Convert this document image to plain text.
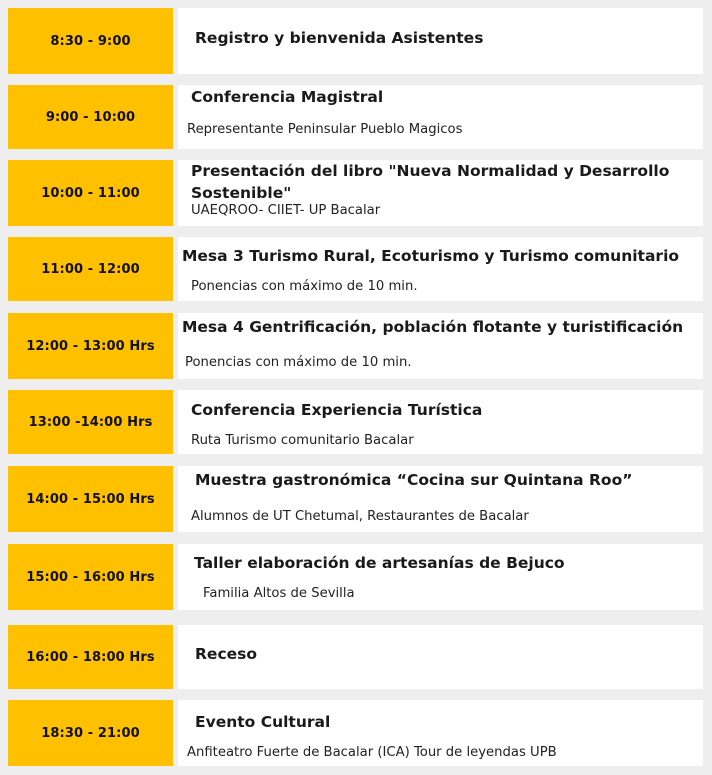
8:30 - 9:00	Registro y bienvenida Asistentes
9:00 - 10:00
Conferencia Magistral
Representante Peninsular Pueblo Magicos
10:00 - 11:00
Presentación del libro "Nueva Normalidad y Desarrollo Sostenible"
UAEQROO- CIIET- UP Bacalar
11:00 - 12:00
Mesa 3 Turismo Rural, Ecoturismo y Turismo comunitario
Ponencias con máximo de 10 min.
12:00 - 13:00 Hrs
Mesa 4 Gentrificación, población flotante y turistificación
Ponencias con máximo de 10 min.
13:00 -14:00 Hrs
Conferencia Experiencia Turística
Ruta Turismo comunitario Bacalar
14:00 - 15:00 Hrs
Muestra gastronómica “Cocina sur Quintana Roo”
Alumnos de UT Chetumal, Restaurantes de Bacalar
15:00 - 16:00 Hrs
Taller elaboración de artesanías de Bejuco
Familia Altos de Sevilla
16:00 - 18:00 Hrs	Receso
18:30 - 21:00
Evento Cultural
Anfiteatro Fuerte de Bacalar (ICA) Tour de leyendas UPB
